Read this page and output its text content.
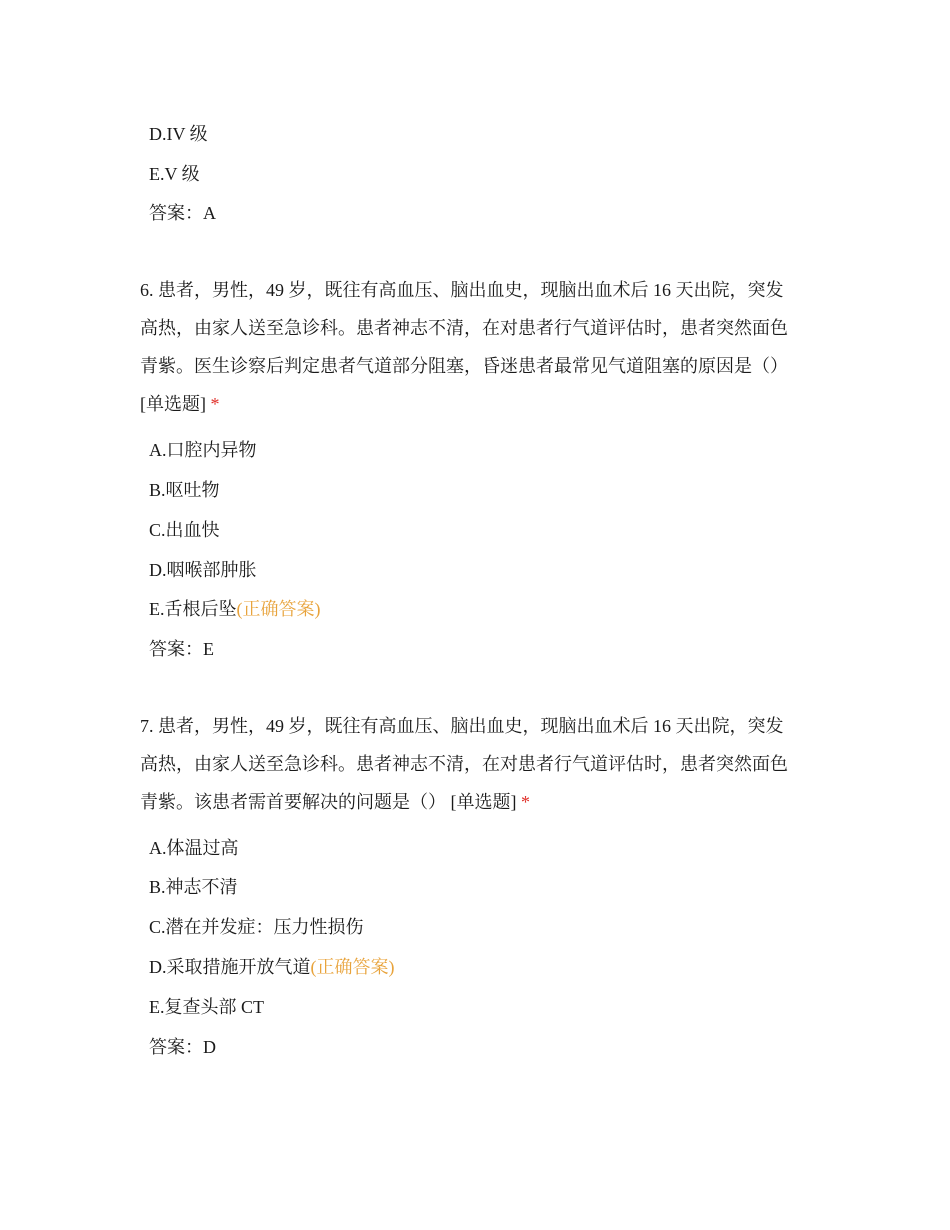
D.IV 级
E.V 级
答案：A
6. 患者，男性，49 岁，既往有高血压、脑出血史，现脑出血术后 16 天出院，突发
高热，由家人送至急诊科。患者神志不清，在对患者行气道评估时，患者突然面色
青紫。医生诊察后判定患者气道部分阻塞，昏迷患者最常见气道阻塞的原因是（）
[单选题] *
A.口腔内异物
B.呕吐物
C.出血快
D.咽喉部肿胀
E.舌根后坠(正确答案)
答案：E
7. 患者，男性，49 岁，既往有高血压、脑出血史，现脑出血术后 16 天出院，突发
高热，由家人送至急诊科。患者神志不清，在对患者行气道评估时，患者突然面色
青紫。该患者需首要解决的问题是（） [单选题] *
A.体温过高
B.神志不清
C.潜在并发症：压力性损伤
D.采取措施开放气道(正确答案)
E.复查头部 CT
答案：D
